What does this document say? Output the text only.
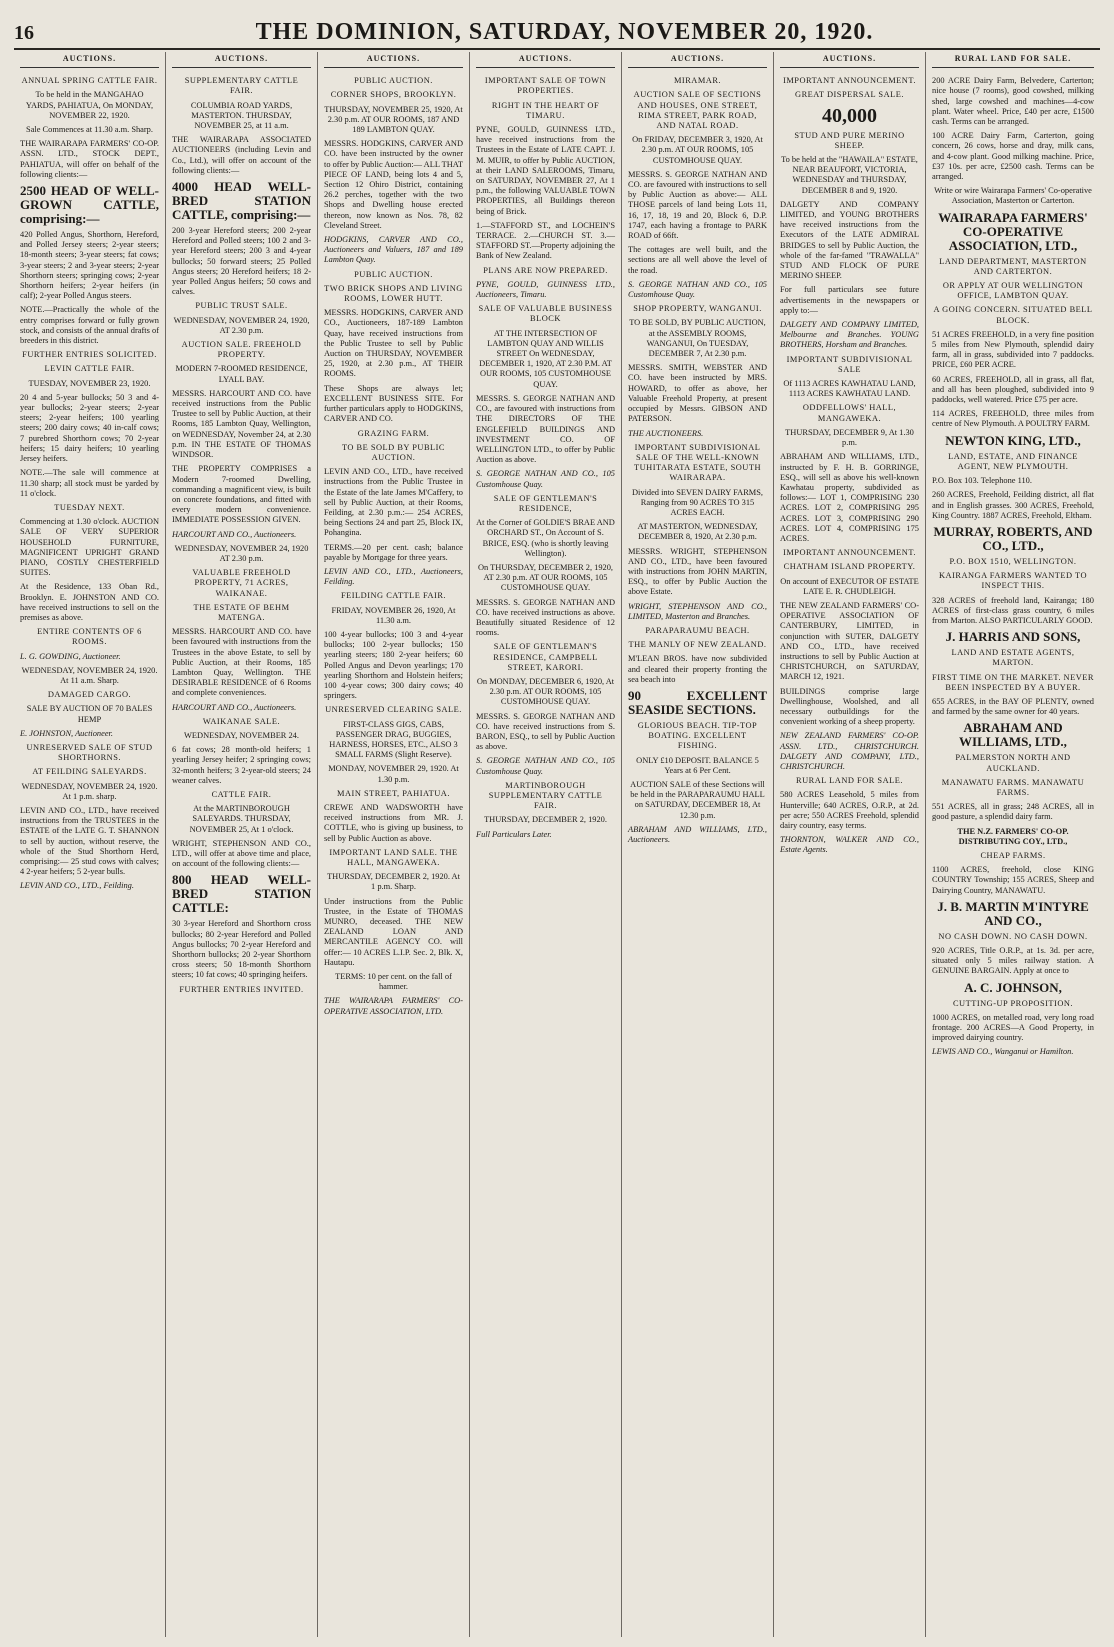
16	THE DOMINION, SATURDAY, NOVEMBER 20, 1920.

AUCTIONS.

ANNUAL SPRING CATTLE FAIR.

To be held in the MANGAHAO YARDS, PAHIATUA, On MONDAY, NOVEMBER 22, 1920.

Sale Commences at 11.30 a.m. Sharp.

THE WAIRARAPA FARMERS' CO-OP. ASSN. LTD., STOCK DEPT., PAHIATUA, will offer on behalf of the following clients:—

2500 HEAD OF WELL-GROWN CATTLE, comprising:—

420 Polled Angus, Shorthorn, Hereford, and Polled Jersey steers; 2-year steers; 18-month steers; 3-year steers; fat cows; 3-year steers; 2 and 3-year steers; 2-year Shorthorn steers; springing cows; 2-year Shorthorn heifers; 2-year heifers (in calf); 2-year Polled Angus steers.

NOTE.—Practically the whole of the entry comprises forward or fully grown stock, and consists of the annual drafts of breeders in this district.

FURTHER ENTRIES SOLICITED.

LEVIN CATTLE FAIR.

TUESDAY, NOVEMBER 23, 1920.

20 4 and 5-year bullocks; 50 3 and 4-year bullocks; 2-year steers; 2-year steers; 2-year heifers; 100 yearling steers; 200 dairy cows; 40 in-calf cows; 7 purebred Shorthorn cows; 70 2-year heifers; 15 dairy heifers; 10 yearling Jersey heifers.

NOTE.—The sale will commence at 11.30 sharp; all stock must be yarded by 11 o'clock.

TUESDAY NEXT.

Commencing at 1.30 o'clock. AUCTION SALE OF VERY SUPERIOR HOUSEHOLD FURNITURE, MAGNIFICENT UPRIGHT GRAND PIANO, COSTLY CHESTERFIELD SUITES.

At the Residence, 133 Oban Rd., Brooklyn. E. JOHNSTON AND CO. have received instructions to sell on the premises as above.

ENTIRE CONTENTS OF 6 ROOMS.

L. G. GOWDING, Auctioneer.

WEDNESDAY, NOVEMBER 24, 1920. At 11 a.m. Sharp.

DAMAGED CARGO.

SALE BY AUCTION OF 70 BALES HEMP

E. JOHNSTON, Auctioneer.

UNRESERVED SALE OF STUD SHORTHORNS.

AT FEILDING SALEYARDS.

WEDNESDAY, NOVEMBER 24, 1920. At 1 p.m. sharp.

LEVIN AND CO., LTD., have received instructions from the TRUSTEES in the ESTATE of the LATE G. T. SHANNON to sell by auction, without reserve, the whole of the Stud Shorthorn Herd, comprising:— 25 stud cows with calves; 4 2-year heifers; 5 2-year bulls.

LEVIN AND CO., LTD., Feilding.

AUCTIONS.

SUPPLEMENTARY CATTLE FAIR.

COLUMBIA ROAD YARDS, MASTERTON. THURSDAY, NOVEMBER 25, at 11 a.m.

THE WAIRARAPA ASSOCIATED AUCTIONEERS (including Levin and Co., Ltd.), will offer on account of the following clients:—

4000 HEAD WELL-BRED STATION CATTLE, comprising:—

200 3-year Hereford steers; 200 2-year Hereford and Polled steers; 100 2 and 3-year Hereford steers; 200 3 and 4-year bullocks; 50 forward steers; 25 Polled Angus steers; 20 Hereford heifers; 18 2-year Polled Angus heifers; 50 cows and calves.

PUBLIC TRUST SALE.

WEDNESDAY, NOVEMBER 24, 1920, AT 2.30 p.m.

AUCTION SALE. FREEHOLD PROPERTY.

MODERN 7-ROOMED RESIDENCE, LYALL BAY.

MESSRS. HARCOURT AND CO. have received instructions from the Public Trustee to sell by Public Auction, at their Rooms, 185 Lambton Quay, Wellington, on WEDNESDAY, November 24, at 2.30 p.m. IN THE ESTATE OF THOMAS WINDSOR.

THE PROPERTY COMPRISES a Modern 7-roomed Dwelling, commanding a magnificent view, is built on concrete foundations, and fitted with every modern convenience. IMMEDIATE POSSESSION GIVEN.

HARCOURT AND CO., Auctioneers.

WEDNESDAY, NOVEMBER 24, 1920 AT 2.30 p.m.

VALUABLE FREEHOLD PROPERTY, 71 ACRES, WAIKANAE.

THE ESTATE OF BEHM MATENGA.

MESSRS. HARCOURT AND CO. have been favoured with instructions from the Trustees in the above Estate, to sell by Public Auction, at their Rooms, 185 Lambton Quay, Wellington. THE DESIRABLE RESIDENCE of 6 Rooms and complete conveniences.

HARCOURT AND CO., Auctioneers.

WAIKANAE SALE.

WEDNESDAY, NOVEMBER 24.

6 fat cows; 28 month-old heifers; 1 yearling Jersey heifer; 2 springing cows; 32-month heifers; 3 2-year-old steers; 24 weaner calves.

CATTLE FAIR.

At the MARTINBOROUGH SALEYARDS. THURSDAY, NOVEMBER 25, At 1 o'clock.

WRIGHT, STEPHENSON AND CO., LTD., will offer at above time and place, on account of the following clients:—

800 HEAD WELL-BRED STATION CATTLE:

30 3-year Hereford and Shorthorn cross bullocks; 80 2-year Hereford and Polled Angus bullocks; 70 2-year Hereford and Shorthorn bullocks; 20 2-year Shorthorn cross steers; 50 18-month Shorthorn steers; 10 fat cows; 40 springing heifers.

FURTHER ENTRIES INVITED.

AUCTIONS.

PUBLIC AUCTION.

CORNER SHOPS, BROOKLYN.

THURSDAY, NOVEMBER 25, 1920, At 2.30 p.m. AT OUR ROOMS, 187 AND 189 LAMBTON QUAY.

MESSRS. HODGKINS, CARVER AND CO. have been instructed by the owner to offer by Public Auction:— ALL THAT PIECE OF LAND, being lots 4 and 5, Section 12 Ohiro District, containing 26.2 perches, together with the two Shops and Dwelling house erected thereon, now known as Nos. 78, 82 Cleveland Street.

HODGKINS, CARVER AND CO., Auctioneers and Valuers, 187 and 189 Lambton Quay.

PUBLIC AUCTION.

TWO BRICK SHOPS AND LIVING ROOMS, LOWER HUTT.

MESSRS. HODGKINS, CARVER AND CO., Auctioneers, 187-189 Lambton Quay, have received instructions from the Public Trustee to sell by Public Auction on THURSDAY, NOVEMBER 25, 1920, at 2.30 p.m., AT THEIR ROOMS.

These Shops are always let; EXCELLENT BUSINESS SITE. For further particulars apply to HODGKINS, CARVER AND CO.

GRAZING FARM.

TO BE SOLD BY PUBLIC AUCTION.

LEVIN AND CO., LTD., have received instructions from the Public Trustee in the Estate of the late James M'Caffery, to sell by Public Auction, at their Rooms, Feilding, at 2.30 p.m.:— 254 ACRES, being Sections 24 and part 25, Block IX, Pohangina.

TERMS.—20 per cent. cash; balance payable by Mortgage for three years.

LEVIN AND CO., LTD., Auctioneers, Feilding.

FEILDING CATTLE FAIR.

FRIDAY, NOVEMBER 26, 1920, At 11.30 a.m.

100 4-year bullocks; 100 3 and 4-year bullocks; 100 2-year bullocks; 150 yearling steers; 180 2-year heifers; 60 Polled Angus and Devon yearlings; 170 yearling Shorthorn and Holstein heifers; 100 4-year cows; 300 dairy cows; 40 springers.

UNRESERVED CLEARING SALE.

FIRST-CLASS GIGS, CABS, PASSENGER DRAG, BUGGIES, HARNESS, HORSES, ETC., ALSO 3 SMALL FARMS (Slight Reserve).

MONDAY, NOVEMBER 29, 1920. At 1.30 p.m.

MAIN STREET, PAHIATUA.

CREWE AND WADSWORTH have received instructions from MR. J. COTTLE, who is giving up business, to sell by Public Auction as above.

IMPORTANT LAND SALE. THE HALL, MANGAWEKA.

THURSDAY, DECEMBER 2, 1920. At 1 p.m. Sharp.

Under instructions from the Public Trustee, in the Estate of THOMAS MUNRO, deceased. THE NEW ZEALAND LOAN AND MERCANTILE AGENCY CO. will offer:— 10 ACRES L.I.P. Sec. 2, Blk. X, Hautapu.

TERMS: 10 per cent. on the fall of hammer.

THE WAIRARAPA FARMERS' CO-OPERATIVE ASSOCIATION, LTD.

AUCTIONS.

IMPORTANT SALE OF TOWN PROPERTIES.

RIGHT IN THE HEART OF TIMARU.

PYNE, GOULD, GUINNESS LTD., have received instructions from the Trustees in the Estate of LATE CAPT. J. M. MUIR, to offer by Public AUCTION, at their LAND SALEROOMS, Timaru, on SATURDAY, NOVEMBER 27, At 1 p.m., the following VALUABLE TOWN PROPERTIES, all Buildings thereon being of Brick.

1.—STAFFORD ST., and LOCHEIN'S TERRACE. 2.—CHURCH ST. 3.—STAFFORD ST.—Property adjoining the Bank of New Zealand.

PLANS ARE NOW PREPARED.

PYNE, GOULD, GUINNESS LTD., Auctioneers, Timaru.

SALE OF VALUABLE BUSINESS BLOCK

AT THE INTERSECTION OF LAMBTON QUAY AND WILLIS STREET On WEDNESDAY, DECEMBER 1, 1920, AT 2.30 P.M. AT OUR ROOMS, 105 CUSTOMHOUSE QUAY.

MESSRS. S. GEORGE NATHAN AND CO., are favoured with instructions from THE DIRECTORS OF THE ENGLEFIELD BUILDINGS AND INVESTMENT CO. OF WELLINGTON LTD., to offer by Public Auction as above.

S. GEORGE NATHAN AND CO., 105 Customhouse Quay.

SALE OF GENTLEMAN'S RESIDENCE,

At the Corner of GOLDIE'S BRAE AND ORCHARD ST., On Account of S. BRICE, ESQ. (who is shortly leaving Wellington).

On THURSDAY, DECEMBER 2, 1920, AT 2.30 p.m. AT OUR ROOMS, 105 CUSTOMHOUSE QUAY.

MESSRS. S. GEORGE NATHAN AND CO. have received instructions as above. Beautifully situated Residence of 12 rooms.

SALE OF GENTLEMAN'S RESIDENCE, CAMPBELL STREET, KARORI.

On MONDAY, DECEMBER 6, 1920, At 2.30 p.m. AT OUR ROOMS, 105 CUSTOMHOUSE QUAY.

MESSRS. S. GEORGE NATHAN AND CO. have received instructions from S. BARON, ESQ., to sell by Public Auction as above.

S. GEORGE NATHAN AND CO., 105 Customhouse Quay.

MARTINBOROUGH SUPPLEMENTARY CATTLE FAIR.

THURSDAY, DECEMBER 2, 1920.

Full Particulars Later.

AUCTIONS.

MIRAMAR.

AUCTION SALE OF SECTIONS AND HOUSES, ONE STREET, RIMA STREET, PARK ROAD, AND NATAL ROAD.

On FRIDAY, DECEMBER 3, 1920, At 2.30 p.m. AT OUR ROOMS, 105 CUSTOMHOUSE QUAY.

MESSRS. S. GEORGE NATHAN AND CO. are favoured with instructions to sell by Public Auction as above:— ALL THOSE parcels of land being Lots 11, 16, 17, 18, 19 and 20, Block 6, D.P. 1747, each having a frontage to PARK ROAD of 66ft.

The cottages are well built, and the sections are all well above the level of the road.

S. GEORGE NATHAN AND CO., 105 Customhouse Quay.

SHOP PROPERTY, WANGANUI.

TO BE SOLD, BY PUBLIC AUCTION, at the ASSEMBLY ROOMS, WANGANUI, On TUESDAY, DECEMBER 7, At 2.30 p.m.

MESSRS. SMITH, WEBSTER AND CO. have been instructed by MRS. HOWARD, to offer as above, her Valuable Freehold Property, at present occupied by Messrs. GIBSON AND PATERSON.

THE AUCTIONEERS.

IMPORTANT SUBDIVISIONAL SALE OF THE WELL-KNOWN TUHITARATA ESTATE, SOUTH WAIRARAPA.

Divided into SEVEN DAIRY FARMS, Ranging from 90 ACRES TO 315 ACRES EACH.

AT MASTERTON, WEDNESDAY, DECEMBER 8, 1920, At 2.30 p.m.

MESSRS. WRIGHT, STEPHENSON AND CO., LTD., have been favoured with instructions from JOHN MARTIN, ESQ., to offer by Public Auction the above Estate.

WRIGHT, STEPHENSON AND CO., LIMITED, Masterton and Branches.

PARAPARAUMU BEACH.

THE MANLY OF NEW ZEALAND.

M'LEAN BROS. have now subdivided and cleared their property fronting the sea beach into

90 EXCELLENT SEASIDE SECTIONS.

GLORIOUS BEACH. TIP-TOP BOATING. EXCELLENT FISHING.

ONLY £10 DEPOSIT. BALANCE 5 Years at 6 Per Cent.

AUCTION SALE of these Sections will be held in the PARAPARAUMU HALL on SATURDAY, DECEMBER 18, At 12.30 p.m.

ABRAHAM AND WILLIAMS, LTD., Auctioneers.

AUCTIONS.

IMPORTANT ANNOUNCEMENT.

GREAT DISPERSAL SALE.

40,000

STUD AND PURE MERINO SHEEP.

To be held at the "HAWAILA" ESTATE, NEAR BEAUFORT, VICTORIA, WEDNESDAY and THURSDAY, DECEMBER 8 and 9, 1920.

DALGETY AND COMPANY LIMITED, and YOUNG BROTHERS have received instructions from the Executors of the LATE ADMIRAL BRIDGES to sell by Public Auction, the whole of the far-famed "TRAWALLA" STUD AND FLOCK OF PURE MERINO SHEEP.

For full particulars see future advertisements in the newspapers or apply to:—

DALGETY AND COMPANY LIMITED, Melbourne and Branches. YOUNG BROTHERS, Horsham and Branches.

IMPORTANT SUBDIVISIONAL SALE

Of 1113 ACRES KAWHATAU LAND, 1113 ACRES KAWHATAU LAND.

ODDFELLOWS' HALL, MANGAWEKA.

THURSDAY, DECEMBER 9, At 1.30 p.m.

ABRAHAM AND WILLIAMS, LTD., instructed by F. H. B. GORRINGE, ESQ., will sell as above his well-known Kawhatau property, subdivided as follows:— LOT 1, COMPRISING 230 ACRES. LOT 2, COMPRISING 295 ACRES. LOT 3, COMPRISING 290 ACRES. LOT 4, COMPRISING 175 ACRES.

IMPORTANT ANNOUNCEMENT.

CHATHAM ISLAND PROPERTY.

On account of EXECUTOR OF ESTATE LATE E. R. CHUDLEIGH.

THE NEW ZEALAND FARMERS' CO-OPERATIVE ASSOCIATION OF CANTERBURY, LIMITED, in conjunction with SUTER, DALGETY AND CO., LTD., have received instructions to sell by Public Auction at CHRISTCHURCH, on SATURDAY, MARCH 12, 1921.

BUILDINGS comprise large Dwellinghouse, Woolshed, and all necessary outbuildings for the convenient working of a sheep property.

NEW ZEALAND FARMERS' CO-OP. ASSN. LTD., CHRISTCHURCH. DALGETY AND COMPANY, LTD., CHRISTCHURCH.

RURAL LAND FOR SALE.

580 ACRES Leasehold, 5 miles from Hunterville; 640 ACRES, O.R.P., at 2d. per acre; 550 ACRES Freehold, splendid dairy country, easy terms.

THORNTON, WALKER AND CO., Estate Agents.

RURAL LAND FOR SALE.

200 ACRE Dairy Farm, Belvedere, Carterton; nice house (7 rooms), good cowshed, milking shed, large cowshed and machines—4-cow plant. Water wheel. Price, £40 per acre, £1500 cash. Terms can be arranged.

100 ACRE Dairy Farm, Carterton, going concern, 26 cows, horse and dray, milk cans, and 4-cow plant. Good milking machine. Price, £37 10s. per acre, £2500 cash. Terms can be arranged.

Write or wire Wairarapa Farmers' Co-operative Association, Masterton or Carterton.

WAIRARAPA FARMERS' CO-OPERATIVE ASSOCIATION, LTD.,

LAND DEPARTMENT, MASTERTON AND CARTERTON.

OR APPLY AT OUR WELLINGTON OFFICE, LAMBTON QUAY.

A GOING CONCERN. SITUATED BELL BLOCK.

51 ACRES FREEHOLD, in a very fine position 5 miles from New Plymouth, splendid dairy farm, all in grass, subdivided into 7 paddocks. PRICE, £60 PER ACRE.

60 ACRES, FREEHOLD, all in grass, all flat, and all has been ploughed, subdivided into 9 paddocks, well watered. Price £75 per acre.

114 ACRES, FREEHOLD, three miles from centre of New Plymouth. A POULTRY FARM.

NEWTON KING, LTD.,

LAND, ESTATE, AND FINANCE AGENT, NEW PLYMOUTH.

P.O. Box 103. Telephone 110.

260 ACRES, Freehold, Feilding district, all flat and in English grasses. 300 ACRES, Freehold, King Country. 1887 ACRES, Freehold, Eltham.

MURRAY, ROBERTS, AND CO., LTD.,

P.O. BOX 1510, WELLINGTON.

KAIRANGA FARMERS WANTED TO INSPECT THIS.

328 ACRES of freehold land, Kairanga; 180 ACRES of first-class grass country, 6 miles from Marton. ALSO PARTICULARLY GOOD.

J. HARRIS AND SONS,

LAND AND ESTATE AGENTS, MARTON.

FIRST TIME ON THE MARKET. NEVER BEEN INSPECTED BY A BUYER.

655 ACRES, in the BAY OF PLENTY, owned and farmed by the same owner for 40 years.

ABRAHAM AND WILLIAMS, LTD.,

PALMERSTON NORTH AND AUCKLAND.

MANAWATU FARMS. MANAWATU FARMS.

551 ACRES, all in grass; 248 ACRES, all in good pasture, a splendid dairy farm.

THE N.Z. FARMERS' CO-OP. DISTRIBUTING COY., LTD.,

CHEAP FARMS.

1100 ACRES, freehold, close KING COUNTRY Township; 155 ACRES, Sheep and Dairying Country, MANAWATU.

J. B. MARTIN M'INTYRE AND CO.,

NO CASH DOWN. NO CASH DOWN.

920 ACRES, Title O.R.P., at 1s. 3d. per acre, situated only 5 miles railway station. A GENUINE BARGAIN. Apply at once to

A. C. JOHNSON,

CUTTING-UP PROPOSITION.

1000 ACRES, on metalled road, very long road frontage. 200 ACRES—A Good Property, in improved dairying country.

LEWIS AND CO., Wanganui or Hamilton.
